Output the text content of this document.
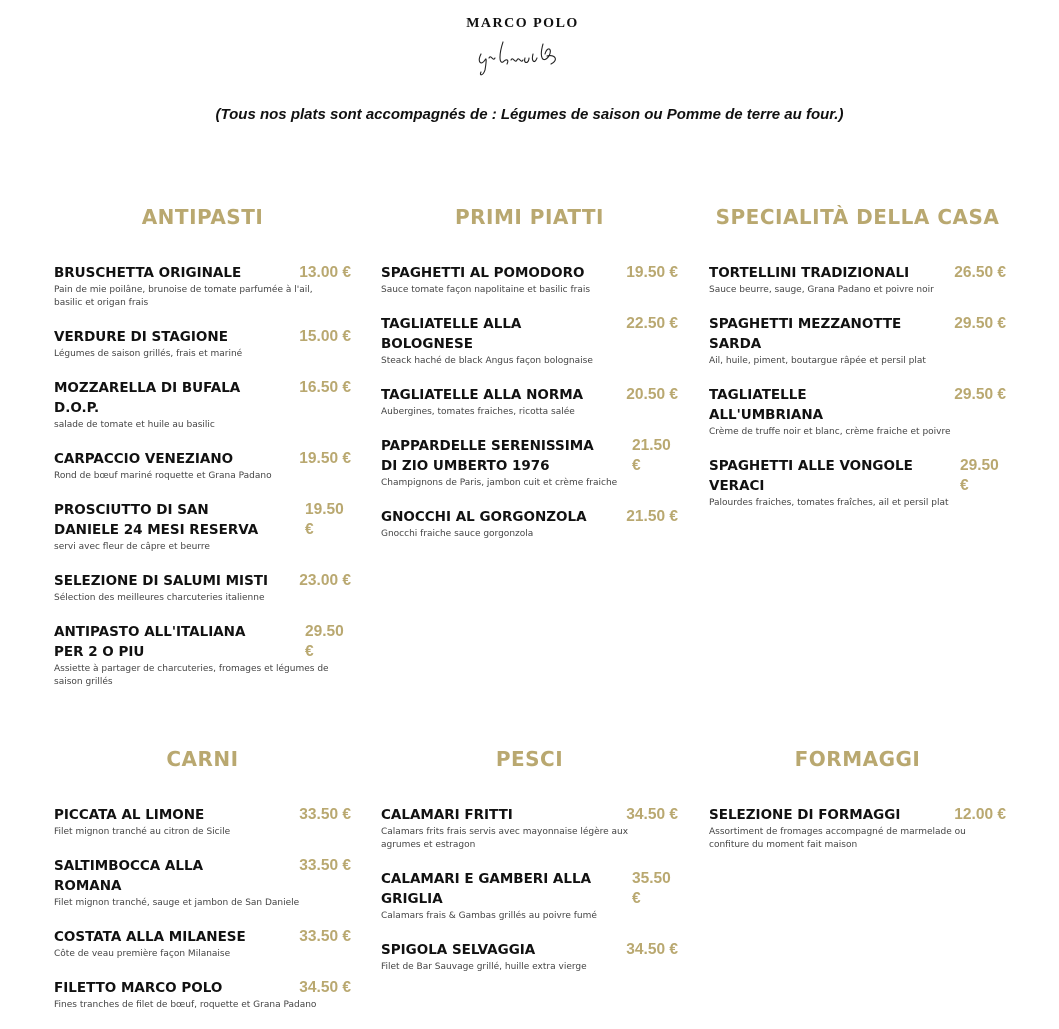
MARCO POLO
(Tous nos plats sont accompagnés de : Légumes de saison ou Pomme de terre au four.)
ANTIPASTI
BRUSCHETTA ORIGINALE	13.00 €
Pain de mie poilâne, brunoise de tomate parfumée à l'ail, basilic et origan frais
VERDURE DI STAGIONE	15.00 €
Légumes de saison grillés, frais et mariné
MOZZARELLA DI BUFALA D.O.P.
16.50 €
salade de tomate et huile au basilic
CARPACCIO VENEZIANO	19.50 €
Rond de bœuf mariné roquette et Grana Padano
PROSCIUTTO DI SAN DANIELE 24 MESI RESERVA
19.50 €
servi avec fleur de câpre et beurre
SELEZIONE DI SALUMI MISTI 23.00 €
Sélection des meilleures charcuteries italienne
ANTIPASTO ALL'ITALIANA PER 2 O PIU
29.50 €
Assiette à partager de charcuteries, fromages et légumes de saison grillés
PRIMI PIATTI
SPAGHETTI AL POMODORO	19.50 €
Sauce tomate façon napolitaine et basilic frais
TAGLIATELLE ALLA BOLOGNESE
22.50 €
Steack haché de black Angus façon bolognaise
TAGLIATELLE ALLA NORMA	20.50 €
Aubergines, tomates fraiches, ricotta salée
PAPPARDELLE SERENISSIMA DI ZIO UMBERTO 1976
21.50 €
Champignons de Paris, jambon cuit et crème fraiche
GNOCCHI AL GORGONZOLA	21.50 €
Gnocchi fraiche sauce gorgonzola
SPECIALITÀ DELLA CASA
TORTELLINI TRADIZIONALI	26.50 €
Sauce beurre, sauge, Grana Padano et poivre noir
SPAGHETTI MEZZANOTTE SARDA
29.50 €
Ail, huile, piment, boutargue râpée et persil plat
TAGLIATELLE ALL'UMBRIANA
29.50 €
Crème de truffe noir et blanc, crème fraiche et poivre
SPAGHETTI ALLE VONGOLE VERACI
29.50 €
Palourdes fraiches, tomates fraîches, ail et persil plat
CARNI
PICCATA AL LIMONE	33.50 €
Filet mignon tranché au citron de Sicile
SALTIMBOCCA ALLA ROMANA
33.50 €
Filet mignon tranché, sauge et jambon de San Daniele
COSTATA ALLA MILANESE	33.50 €
Côte de veau première façon Milanaise
FILETTO MARCO POLO	34.50 €
Fines tranches de filet de bœuf, roquette et Grana Padano
PESCI
CALAMARI FRITTI	34.50 €
Calamars frits frais servis avec mayonnaise légère aux agrumes et estragon
CALAMARI E GAMBERI ALLA GRIGLIA
35.50 €
Calamars frais & Gambas grillés au poivre fumé
SPIGOLA SELVAGGIA	34.50 €
Filet de Bar Sauvage grillé, huille extra vierge
FORMAGGI
SELEZIONE DI FORMAGGI	12.00 €
Assortiment de fromages accompagné de marmelade ou confiture du moment fait maison
